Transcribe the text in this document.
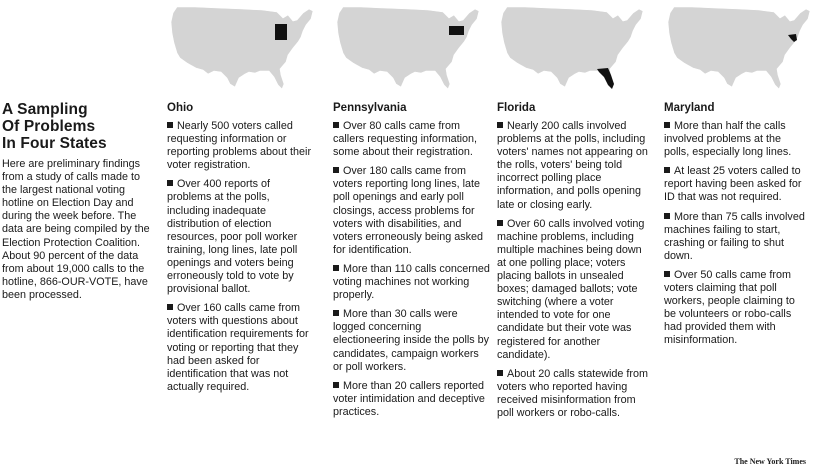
A Sampling
Of Problems
In Four States
Here are preliminary findings from a study of calls made to the largest national voting hotline on Election Day and during the week before. The data are being compiled by the Election Protection Coalition. About 90 percent of the data from about 19,000 calls to the hotline, 866-OUR-VOTE, have been processed.
Ohio
Nearly 500 voters called requesting information or reporting problems about their voter registration.
Over 400 reports of problems at the polls, including inadequate distribution of election resources, poor poll worker training, long lines, late poll openings and voters being erroneously told to vote by provisional ballot.
Over 160 calls came from voters with questions about identification requirements for voting or reporting that they had been asked for identification that was not actually required.
Pennsylvania
Over 80 calls came from callers requesting information, some about their registration.
Over 180 calls came from voters reporting long lines, late poll openings and early poll closings, access problems for voters with disabilities, and voters erroneously being asked for identification.
More than 110 calls concerned voting machines not working properly.
More than 30 calls were logged concerning electioneering inside the polls by candidates, campaign workers or poll workers.
More than 20 callers reported voter intimidation and deceptive practices.
Florida
Nearly 200 calls involved problems at the polls, including voters' names not appearing on the rolls, voters' being told incorrect polling place information, and polls opening late or closing early.
Over 60 calls involved voting machine problems, including multiple machines being down at one polling place; voters placing ballots in unsealed boxes; damaged ballots; vote switching (where a voter intended to vote for one candidate but their vote was registered for another candidate).
About 20 calls statewide from voters who reported having received misinformation from poll workers or robo-calls.
Maryland
More than half the calls involved problems at the polls, especially long lines.
At least 25 voters called to report having been asked for ID that was not required.
More than 75 calls involved machines failing to start, crashing or failing to shut down.
Over 50 calls came from voters claiming that poll workers, people claiming to be volunteers or robo-calls had provided them with misinformation.
The New York Times
